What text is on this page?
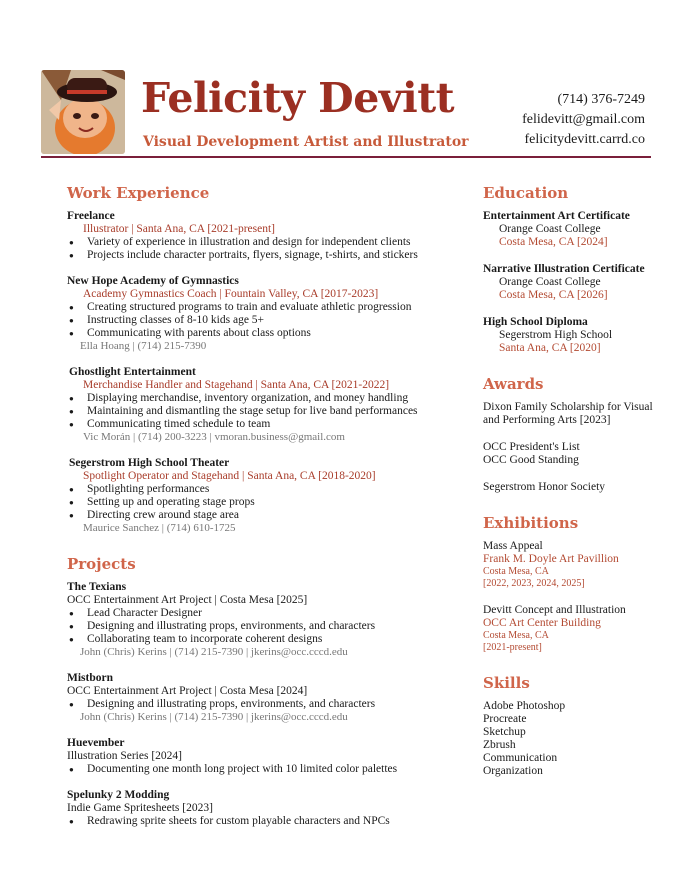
Felicity Devitt
Visual Development Artist and Illustrator
(714) 376-7249
felidevitt@gmail.com
felicitydevitt.carrd.co
Work Experience
Freelance
Illustrator | Santa Ana, CA [2021-present]
● Variety of experience in illustration and design for independent clients
● Projects include character portraits, flyers, signage, t-shirts, and stickers
New Hope Academy of Gymnastics
Academy Gymnastics Coach | Fountain Valley, CA [2017-2023]
● Creating structured programs to train and evaluate athletic progression
● Instructing classes of 8-10 kids age 5+
● Communicating with parents about class options
Ella Hoang | (714) 215-7390
Ghostlight Entertainment
Merchandise Handler and Stagehand | Santa Ana, CA [2021-2022]
● Displaying merchandise, inventory organization, and money handling
● Maintaining and dismantling the stage setup for live band performances
● Communicating timed schedule to team
Vic Morán | (714) 200-3223 | vmoran.business@gmail.com
Segerstrom High School Theater
Spotlight Operator and Stagehand | Santa Ana, CA [2018-2020]
● Spotlighting performances
● Setting up and operating stage props
● Directing crew around stage area
Maurice Sanchez | (714) 610-1725
Projects
The Texians
OCC Entertainment Art Project | Costa Mesa [2025]
● Lead Character Designer
● Designing and illustrating props, environments, and characters
● Collaborating team to incorporate coherent designs
John (Chris) Kerins | (714) 215-7390 | jkerins@occ.cccd.edu
Mistborn
OCC Entertainment Art Project | Costa Mesa [2024]
● Designing and illustrating props, environments, and characters
John (Chris) Kerins | (714) 215-7390 | jkerins@occ.cccd.edu
Huevember
Illustration Series [2024]
● Documenting one month long project with 10 limited color palettes
Spelunky 2 Modding
Indie Game Spritesheets [2023]
● Redrawing sprite sheets for custom playable characters and NPCs
Education
Entertainment Art Certificate
Orange Coast College
Costa Mesa, CA [2024]
Narrative Illustration Certificate
Orange Coast College
Costa Mesa, CA [2026]
High School Diploma
Segerstrom High School
Santa Ana, CA [2020]
Awards
Dixon Family Scholarship for Visual and Performing Arts [2023]
OCC President's List
OCC Good Standing
Segerstrom Honor Society
Exhibitions
Mass Appeal
Frank M. Doyle Art Pavillion
Costa Mesa, CA
[2022, 2023, 2024, 2025]
Devitt Concept and Illustration
OCC Art Center Building
Costa Mesa, CA
[2021-present]
Skills
Adobe Photoshop
Procreate
Sketchup
Zbrush
Communication
Organization
